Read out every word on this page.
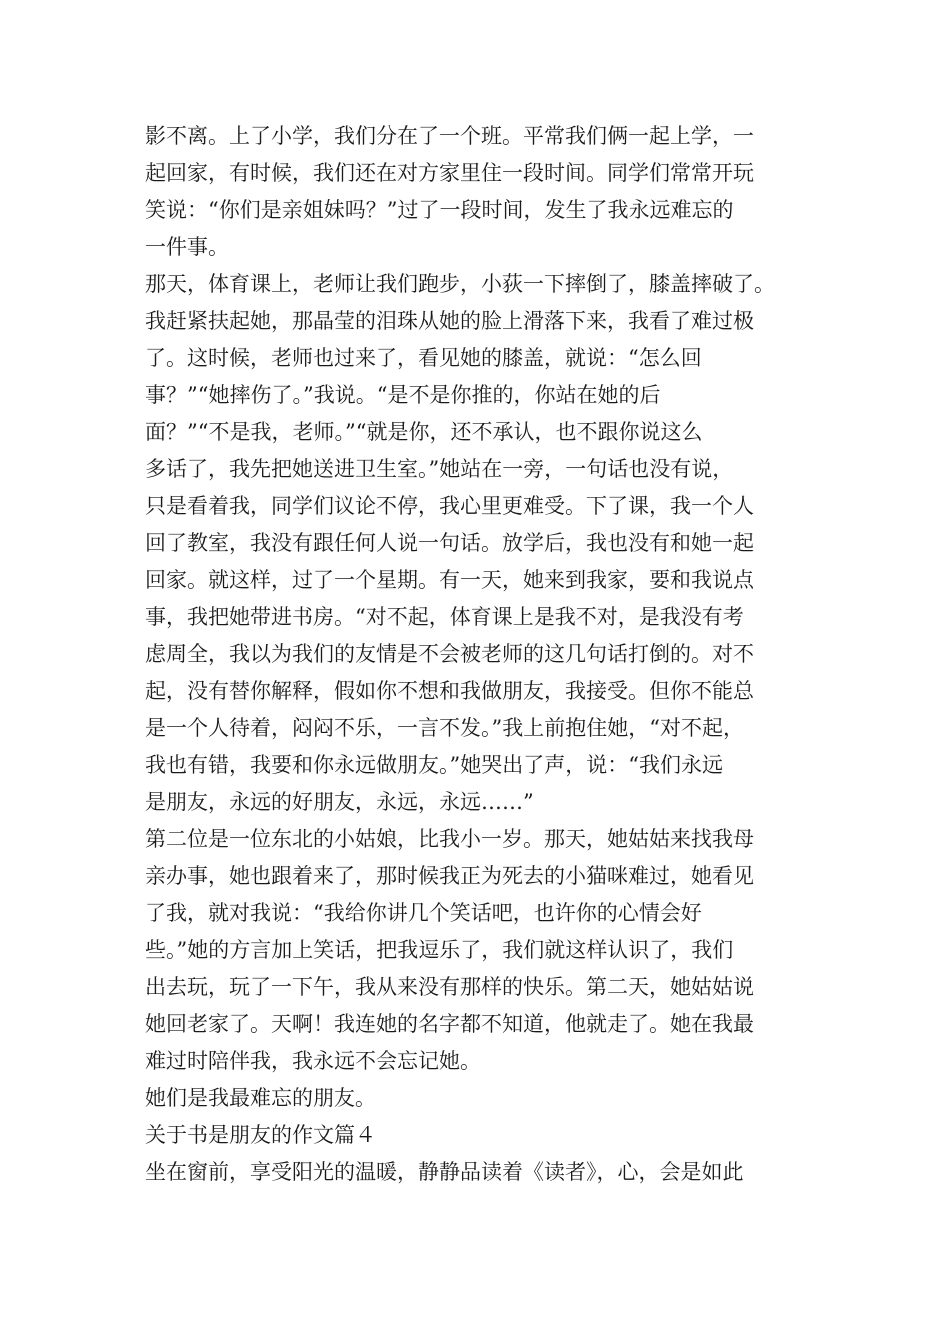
影不离。上了小学，我们分在了一个班。平常我们俩一起上学，一
起回家，有时候，我们还在对方家里住一段时间。同学们常常开玩
笑说：“你们是亲姐妹吗？”过了一段时间，发生了我永远难忘的
一件事。
那天，体育课上，老师让我们跑步，小荻一下摔倒了，膝盖摔破了。
我赶紧扶起她，那晶莹的泪珠从她的脸上滑落下来，我看了难过极
了。这时候，老师也过来了，看见她的膝盖，就说：“怎么回
事？”“她摔伤了。”我说。“是不是你推的，你站在她的后
面？”“不是我，老师。”“就是你，还不承认，也不跟你说这么
多话了，我先把她送进卫生室。”她站在一旁，一句话也没有说，
只是看着我，同学们议论不停，我心里更难受。下了课，我一个人
回了教室，我没有跟任何人说一句话。放学后，我也没有和她一起
回家。就这样，过了一个星期。有一天，她来到我家，要和我说点
事，我把她带进书房。“对不起，体育课上是我不对，是我没有考
虑周全，我以为我们的友情是不会被老师的这几句话打倒的。对不
起，没有替你解释，假如你不想和我做朋友，我接受。但你不能总
是一个人待着，闷闷不乐，一言不发。”我上前抱住她，“对不起，
我也有错，我要和你永远做朋友。”她哭出了声，说：“我们永远
是朋友，永远的好朋友，永远，永远……”
第二位是一位东北的小姑娘，比我小一岁。那天，她姑姑来找我母
亲办事，她也跟着来了，那时候我正为死去的小猫咪难过，她看见
了我，就对我说：“我给你讲几个笑话吧，也许你的心情会好
些。”她的方言加上笑话，把我逗乐了，我们就这样认识了，我们
出去玩，玩了一下午，我从来没有那样的快乐。第二天，她姑姑说
她回老家了。天啊！我连她的名字都不知道，他就走了。她在我最
难过时陪伴我，我永远不会忘记她。
她们是我最难忘的朋友。
关于书是朋友的作文篇４
坐在窗前，享受阳光的温暖，静静品读着《读者》，心，会是如此
